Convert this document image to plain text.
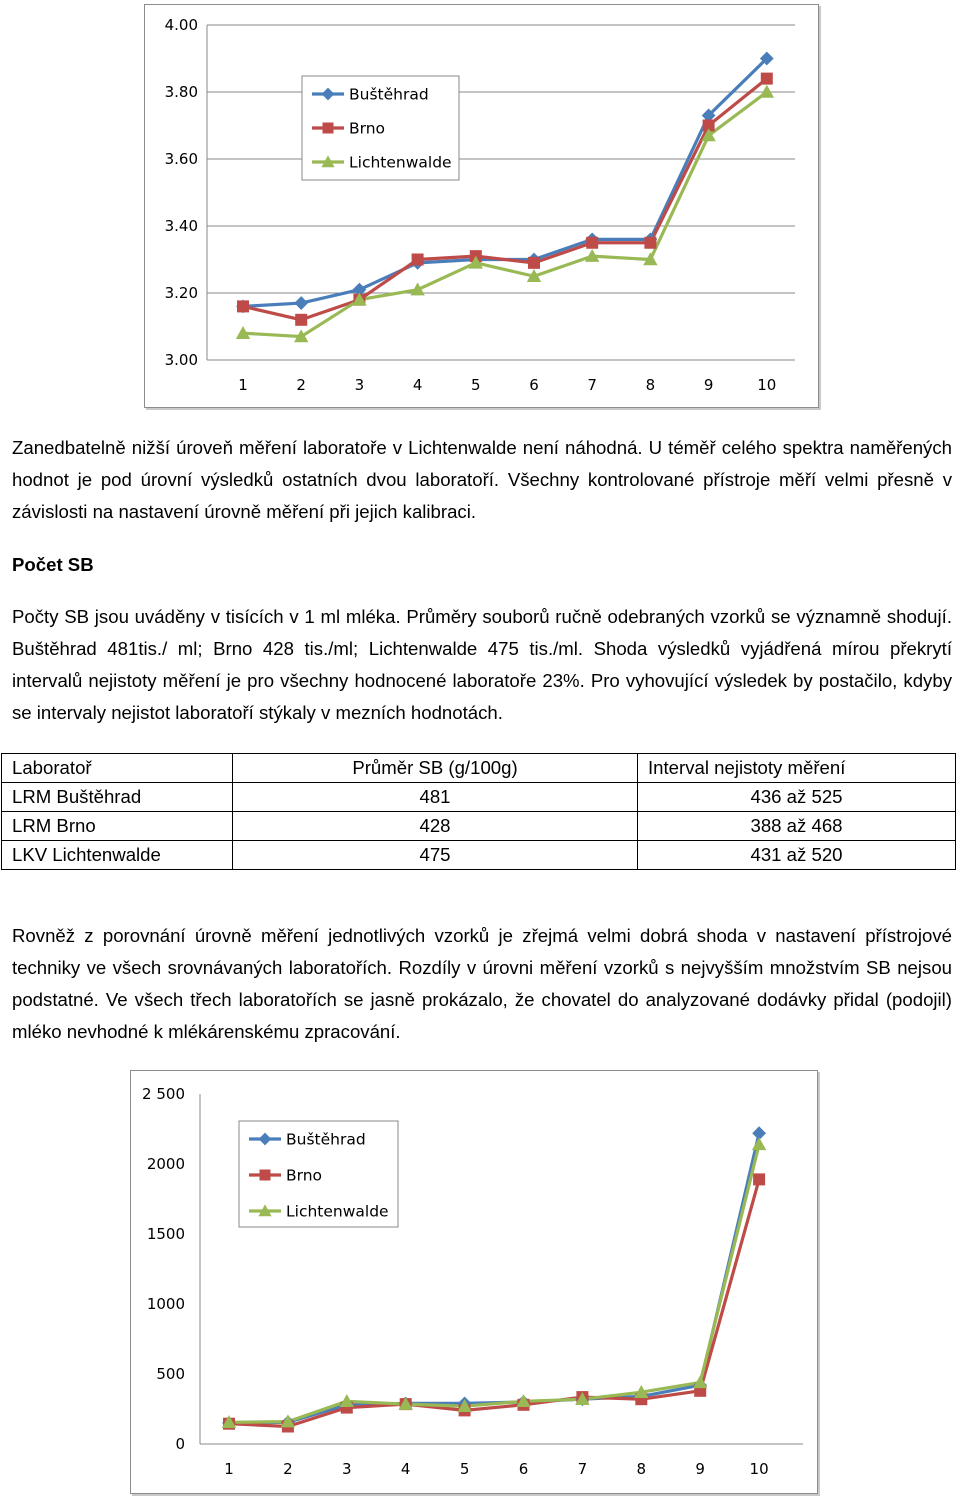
3.00
3.20
3.40
3.60
3.80
4.00
1	2	3	4	5	6	7	8	9	10
Buštěhrad
Brno
Lichtenwalde

Zanedbatelně nižší úroveň měření laboratoře v Lichtenwalde není náhodná. U téměř celého spektra naměřených hodnot je pod úrovní výsledků ostatních dvou laboratoří. Všechny kontrolované přístroje měří velmi přesně v závislosti na nastavení úrovně měření při jejich kalibraci.

Počet SB

Počty SB jsou uváděny v tisících v 1 ml mléka. Průměry souborů ručně odebraných vzorků se významně shodují. Buštěhrad 481tis./ ml; Brno 428 tis./ml; Lichtenwalde 475 tis./ml. Shoda výsledků vyjádřená mírou překrytí intervalů nejistoty měření je pro všechny hodnocené laboratoře 23%. Pro vyhovující výsledek by postačilo, kdyby se intervaly nejistot laboratoří stýkaly v mezních hodnotách.

Laboratoř	Průměr SB (g/100g)	Interval nejistoty měření
LRM Buštěhrad	481	436 až 525
LRM Brno	428	388 až 468
LKV Lichtenwalde	475	431 až 520

Rovněž z porovnání úrovně měření jednotlivých vzorků je zřejmá velmi dobrá shoda v nastavení přístrojové techniky ve všech srovnávaných laboratořích. Rozdíly v úrovni měření vzorků s nejvyšším množstvím SB nejsou podstatné. Ve všech třech laboratořích se jasně prokázalo, že chovatel do analyzované dodávky přidal (podojil) mléko nevhodné k mlékárenskému zpracování.

0
500
1000
1500
2000
2 500
1	2	3	4	5	6	7	8	9	10
Buštěhrad
Brno
Lichtenwalde
